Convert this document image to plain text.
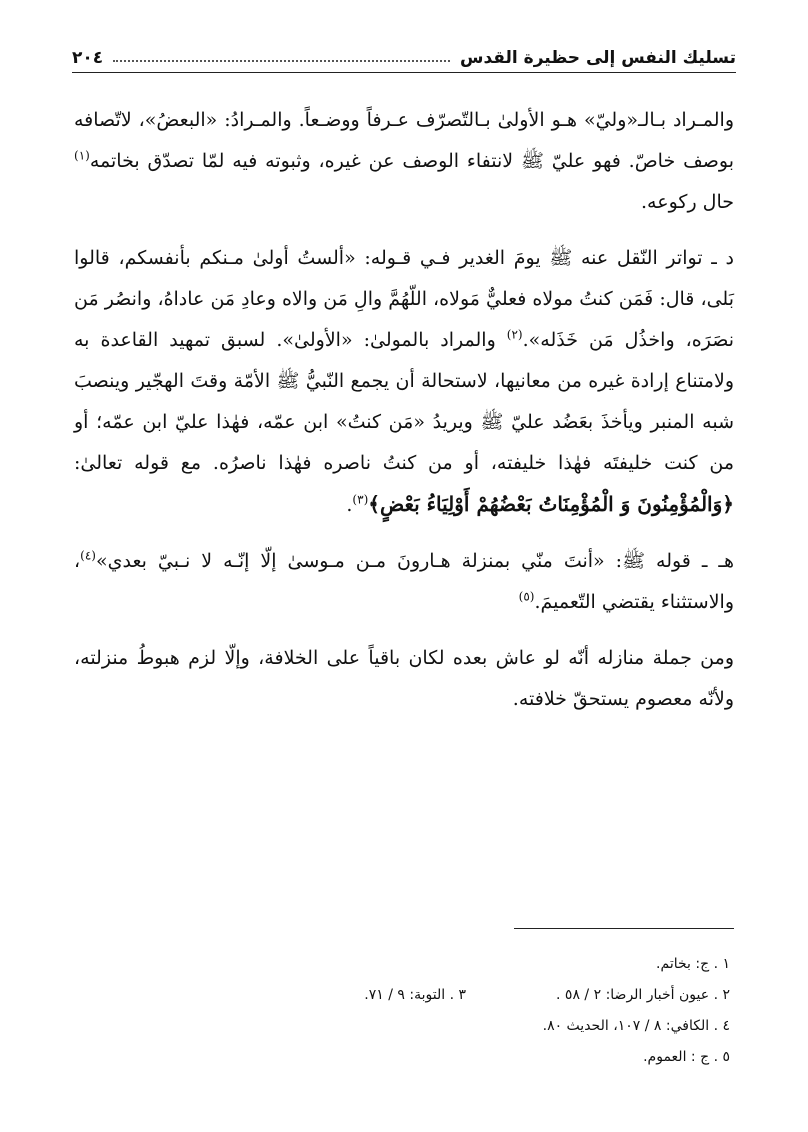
تسليك النفس إلى حظيرة القدس
٢٠٤

والمـراد بـالـ«وليّ» هـو الأولىٰ بـالتّصرّف عـرفاً ووضـعاً. والمـرادُ: «البعضُ»، لاتّصافه بوصف خاصّ. فهو عليّ ﷺ لانتفاء الوصف عن غيره، وثبوته فيه لمّا تصدّق بخاتمه$^{(١)}$ حال ركوعه.

د ـ تواتر النّقل عنه ﷺ يومَ الغدير فـي قـوله: «ألستُ أولىٰ مـنكم بأنفسكم، قالوا بَلى، قال: فَمَن كنتُ مولاه فعليٌّ مَولاه، اللّهُمَّ والِ مَن والاه وعادِ مَن عاداهُ، وانصُر مَن نصَرَه، واخذُل مَن خَذَله».$^{(٢)}$ والمراد بالمولىٰ: «الأولىٰ». لسبق تمهيد القاعدة به ولامتناع إرادة غيره من معانيها، لاستحالة أن يجمع النّبيُّ ﷺ الأمّة وقتَ الهجّير وينصبَ شبه المنبر ويأخذَ بعَضُد عليّ ﷺ ويريدُ «مَن كنتُ» ابن عمّه، فهٰذا عليّ ابن عمّه؛ أو من كنت خليفتَه فهٰذا خليفته، أو من كنتُ ناصره فهٰذا ناصرُه. مع قوله تعالىٰ: ﴿وَالْمُؤْمِنُونَ وَ الْمُؤْمِنَاتُ بَعْضُهُمْ أَوْلِيَاءُ بَعْضٍ﴾$^{(٣)}$.

هـ ـ قوله ﷺ: «أنتَ منّي بمنزلة هـارونَ مـن مـوسىٰ إلّا إنّـه لا نـبيّ بعدي»$^{(٤)}$، والاستثناء يقتضي التّعميمَ.$^{(٥)}$

ومن جملة منازله أنّه لو عاش بعده لكان باقياً على الخلافة، وإلّا لزم هبوطُ منزلته، ولأنّه معصوم يستحقّ خلافته.

١ . ج: بخاتم.
٢ . عيون أخبار الرضا: ٢ / ٥٨ .
٣ . التوبة: ٩ / ٧١.
٤ . الكافي: ٨ / ١٠٧، الحديث ٨٠.
٥ . ج : العموم.
